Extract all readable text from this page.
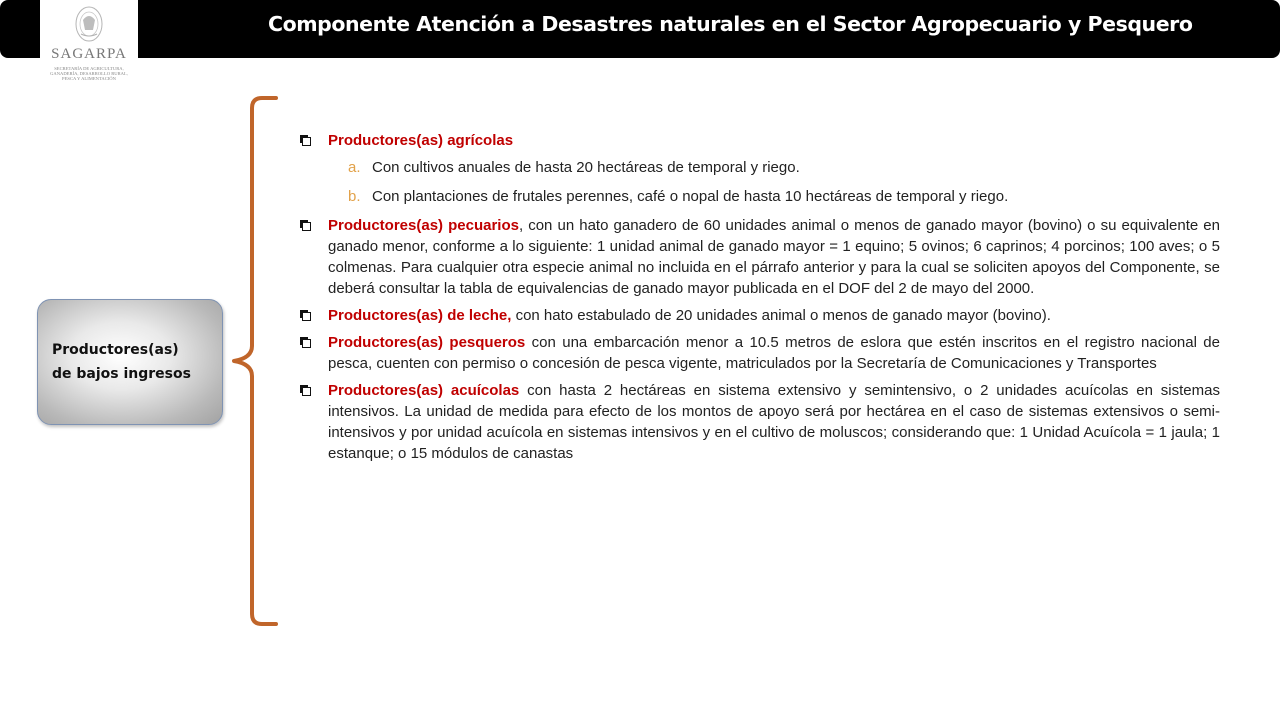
Componente Atención a Desastres naturales en el Sector Agropecuario y Pesquero
SAGARPA
SECRETARÍA DE AGRICULTURA, GANADERÍA, DESARROLLO RURAL, PESCA Y ALIMENTACIÓN
Productores(as)
de bajos ingresos
Productores(as) agrícolas
a. Con cultivos anuales de hasta 20 hectáreas de temporal y riego.
b. Con plantaciones de frutales perennes, café o nopal de hasta 10 hectáreas de temporal y riego.
Productores(as) pecuarios, con un hato ganadero de 60 unidades animal o menos de ganado mayor (bovino) o su equivalente en ganado menor, conforme a lo siguiente: 1 unidad animal de ganado mayor = 1 equino; 5 ovinos; 6 caprinos; 4 porcinos; 100 aves; o 5 colmenas. Para cualquier otra especie animal no incluida en el párrafo anterior y para la cual se soliciten apoyos del Componente, se deberá consultar la tabla de equivalencias de ganado mayor publicada en el DOF del 2 de mayo del 2000.
Productores(as) de leche, con hato estabulado de 20 unidades animal o menos de ganado mayor (bovino).
Productores(as) pesqueros con una embarcación menor a 10.5 metros de eslora que estén inscritos en el registro nacional de pesca, cuenten con permiso o concesión de pesca vigente, matriculados por la Secretaría de Comunicaciones y Transportes
Productores(as) acuícolas con hasta 2 hectáreas en sistema extensivo y semintensivo, o 2 unidades acuícolas en sistemas intensivos. La unidad de medida para efecto de los montos de apoyo será por hectárea en el caso de sistemas extensivos o semi-intensivos y por unidad acuícola en sistemas intensivos y en el cultivo de moluscos; considerando que: 1 Unidad Acuícola = 1 jaula; 1 estanque; o 15 módulos de canastas
